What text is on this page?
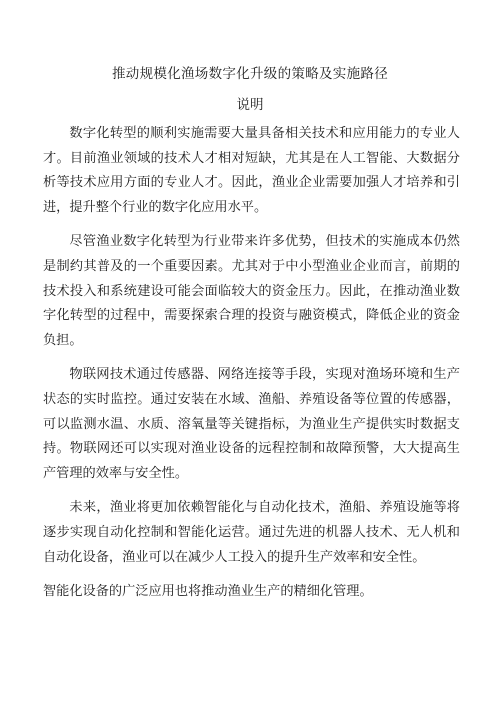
推动规模化渔场数字化升级的策略及实施路径
说明

数字化转型的顺利实施需要大量具备相关技术和应用能力的专业人才。目前渔业领域的技术人才相对短缺，尤其是在人工智能、大数据分析等技术应用方面的专业人才。因此，渔业企业需要加强人才培养和引进，提升整个行业的数字化应用水平。

尽管渔业数字化转型为行业带来许多优势，但技术的实施成本仍然是制约其普及的一个重要因素。尤其对于中小型渔业企业而言，前期的技术投入和系统建设可能会面临较大的资金压力。因此，在推动渔业数字化转型的过程中，需要探索合理的投资与融资模式，降低企业的资金负担。

物联网技术通过传感器、网络连接等手段，实现对渔场环境和生产状态的实时监控。通过安装在水域、渔船、养殖设备等位置的传感器，可以监测水温、水质、溶氧量等关键指标，为渔业生产提供实时数据支持。物联网还可以实现对渔业设备的远程控制和故障预警，大大提高生产管理的效率与安全性。

未来，渔业将更加依赖智能化与自动化技术，渔船、养殖设施等将逐步实现自动化控制和智能化运营。通过先进的机器人技术、无人机和自动化设备，渔业可以在减少人工投入的提升生产效率和安全性。

智能化设备的广泛应用也将推动渔业生产的精细化管理。
